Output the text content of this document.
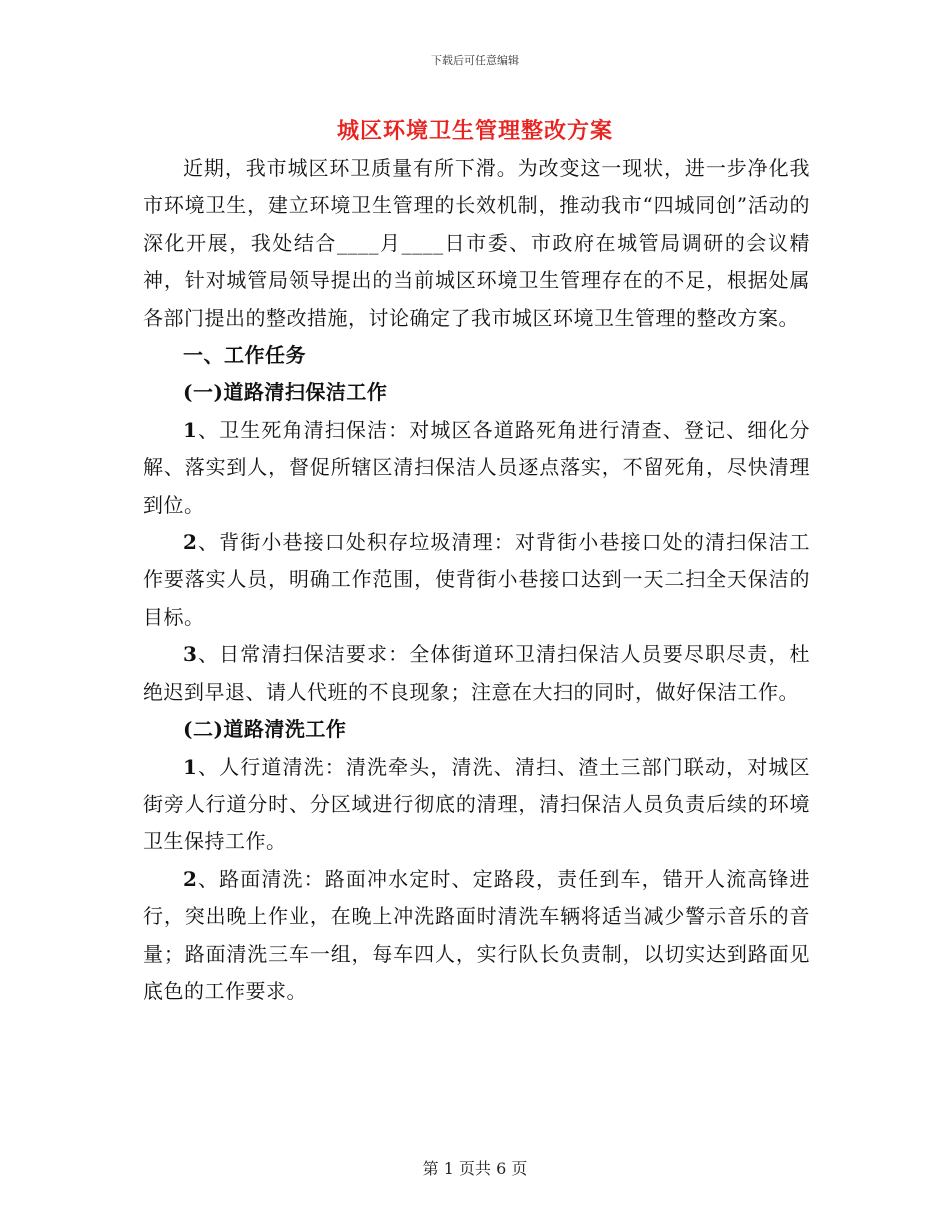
下载后可任意编辑
城区环境卫生管理整改方案

近期，我市城区环卫质量有所下滑。为改变这一现状，进一步净化我市环境卫生，建立环境卫生管理的长效机制，推动我市“四城同创”活动的深化开展，我处结合____月____日市委、市政府在城管局调研的会议精神，针对城管局领导提出的当前城区环境卫生管理存在的不足，根据处属各部门提出的整改措施，讨论确定了我市城区环境卫生管理的整改方案。

一、工作任务

(一)道路清扫保洁工作

1、卫生死角清扫保洁：对城区各道路死角进行清查、登记、细化分解、落实到人，督促所辖区清扫保洁人员逐点落实，不留死角，尽快清理到位。

2、背街小巷接口处积存垃圾清理：对背街小巷接口处的清扫保洁工作要落实人员，明确工作范围，使背街小巷接口达到一天二扫全天保洁的目标。

3、日常清扫保洁要求：全体街道环卫清扫保洁人员要尽职尽责，杜绝迟到早退、请人代班的不良现象；注意在大扫的同时，做好保洁工作。

(二)道路清洗工作

1、人行道清洗：清洗牵头，清洗、清扫、渣土三部门联动，对城区街旁人行道分时、分区域进行彻底的清理，清扫保洁人员负责后续的环境卫生保持工作。

2、路面清洗：路面冲水定时、定路段，责任到车，错开人流高锋进行，突出晚上作业，在晚上冲洗路面时清洗车辆将适当减少警示音乐的音量；路面清洗三车一组，每车四人，实行队长负责制，以切实达到路面见底色的工作要求。

第 1 页共 6 页
